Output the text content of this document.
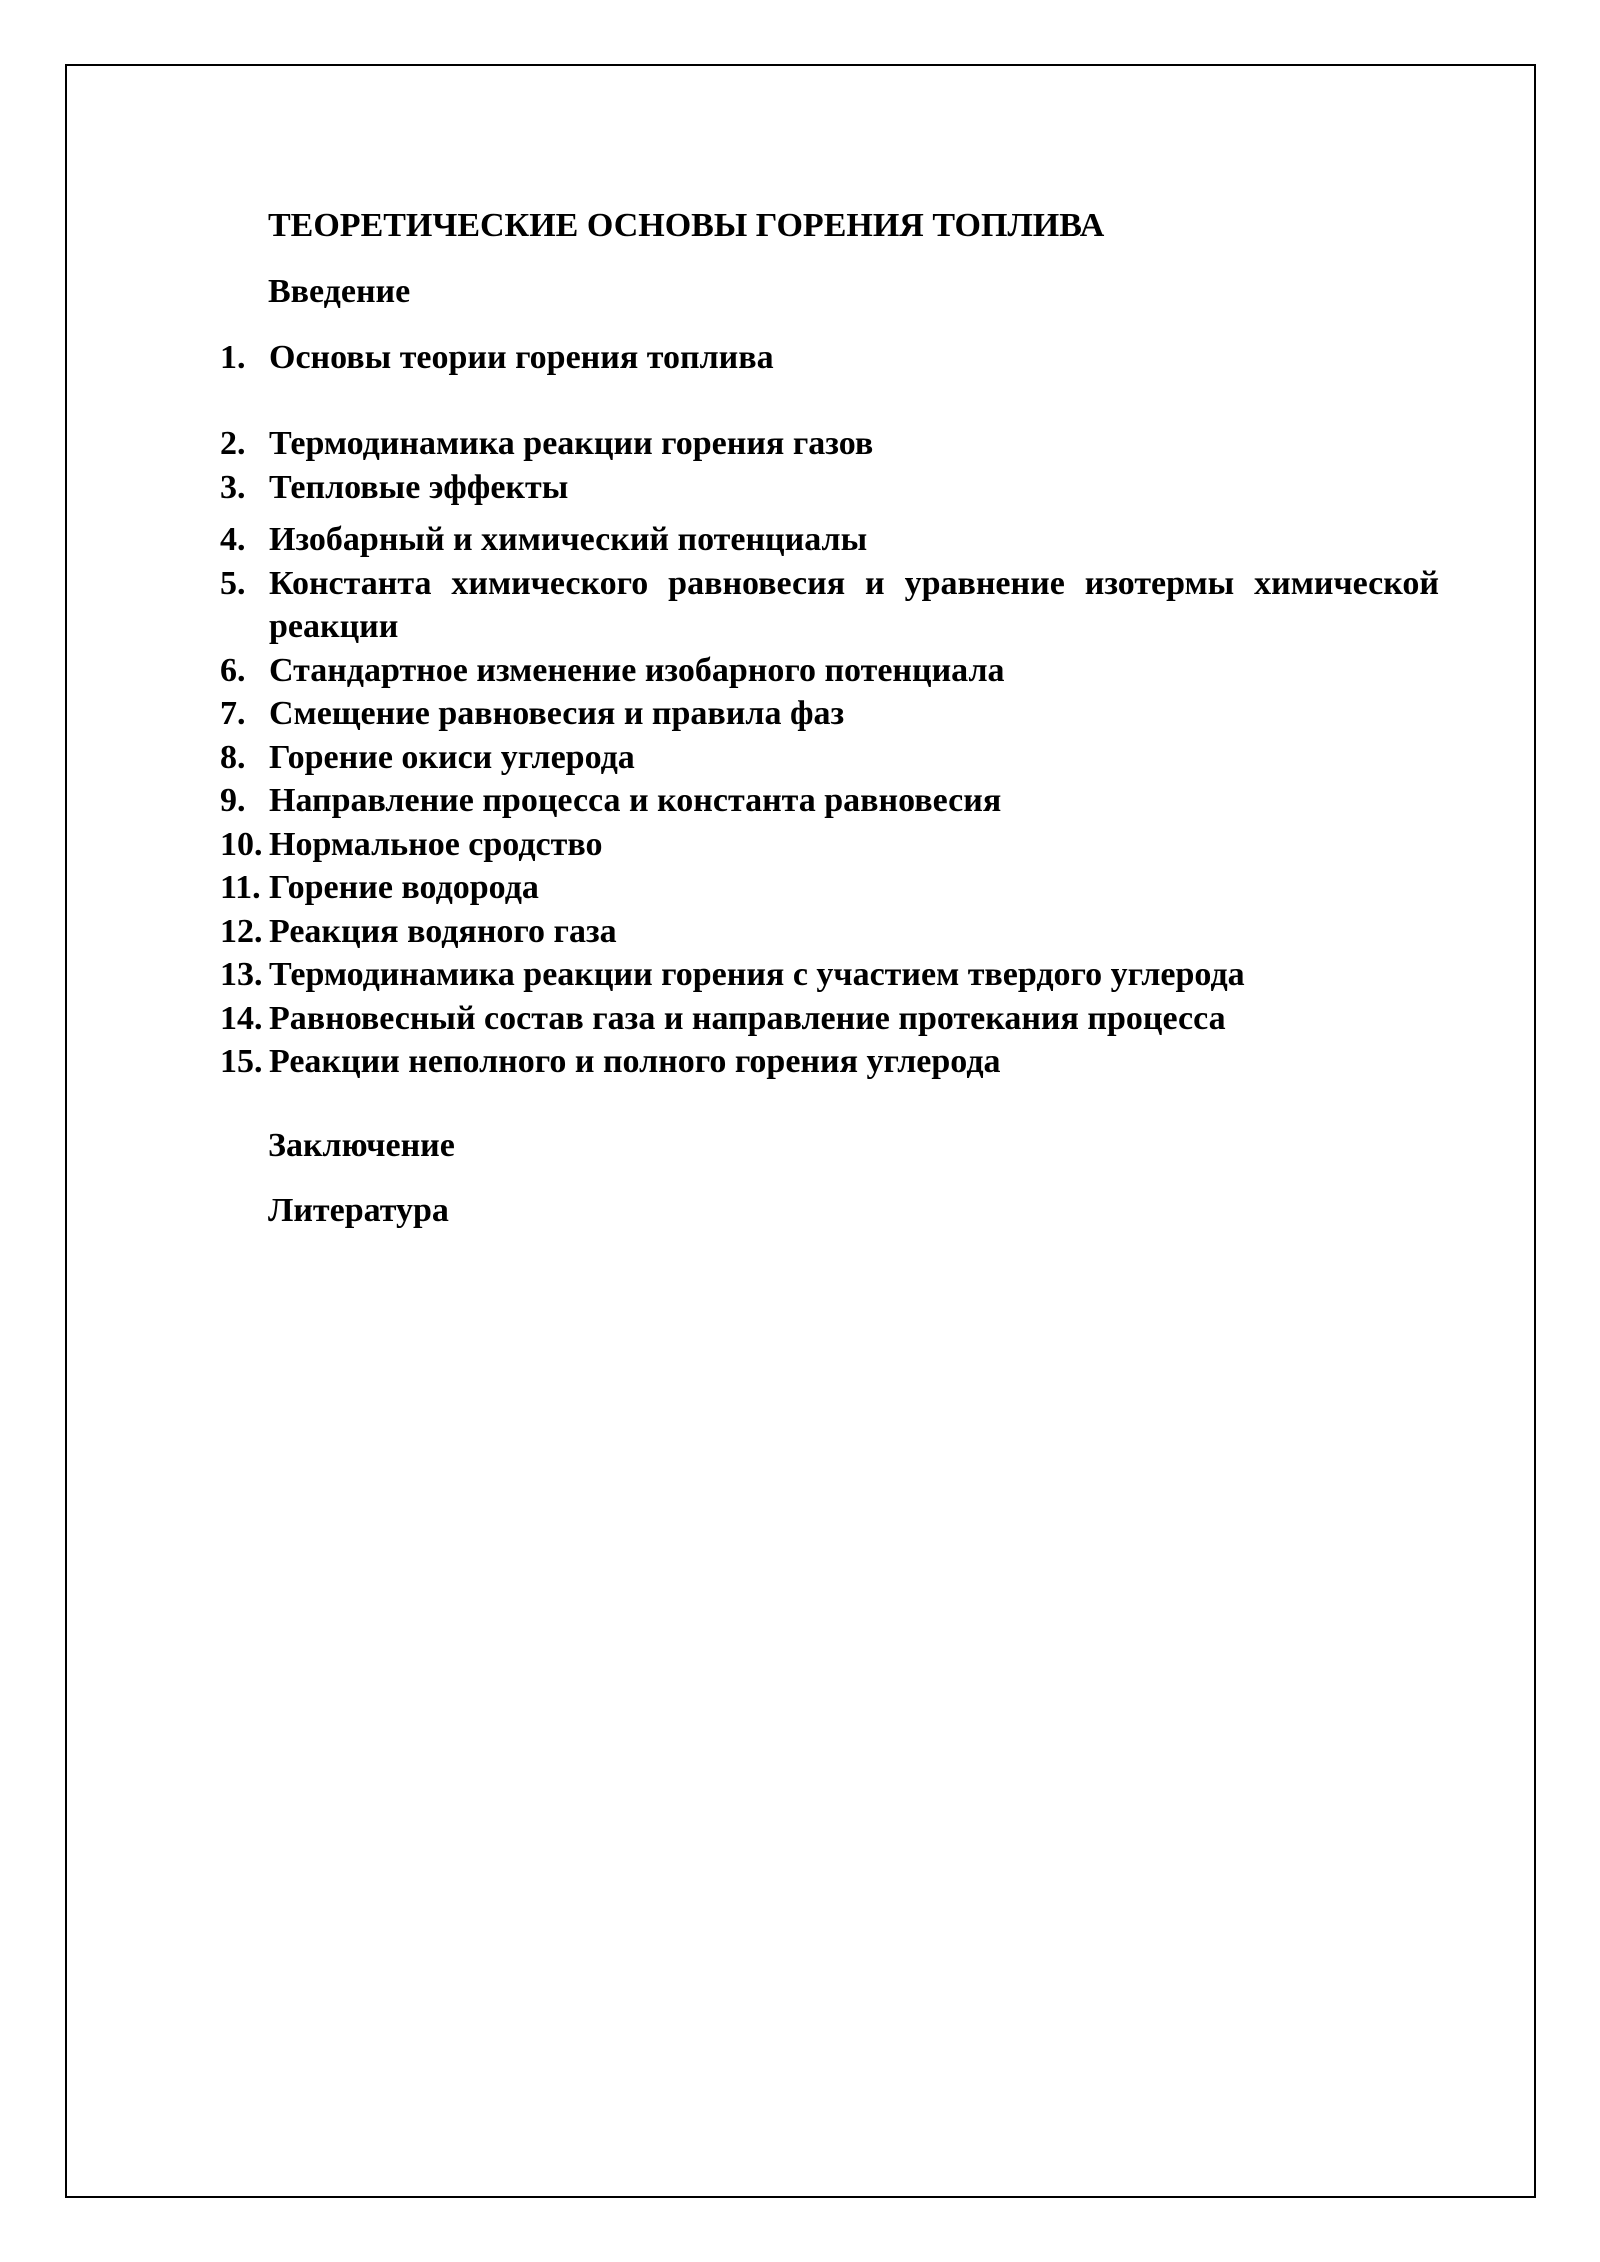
ТЕОРЕТИЧЕСКИЕ ОСНОВЫ ГОРЕНИЯ ТОПЛИВА
Введение
1. Основы теории горения топлива
2. Термодинамика реакции горения газов
3. Тепловые эффекты
4. Изобарный и химический потенциалы
5. Константа химического равновесия и уравнение изотермы химической реакции
6. Стандартное изменение изобарного потенциала
7. Смещение равновесия и правила фаз
8. Горение окиси углерода
9. Направление процесса и константа равновесия
10. Нормальное сродство
11. Горение водорода
12. Реакция водяного газа
13. Термодинамика реакции горения с участием твердого углерода
14. Равновесный состав газа и направление протекания процесса
15. Реакции неполного и полного горения углерода
Заключение
Литература
